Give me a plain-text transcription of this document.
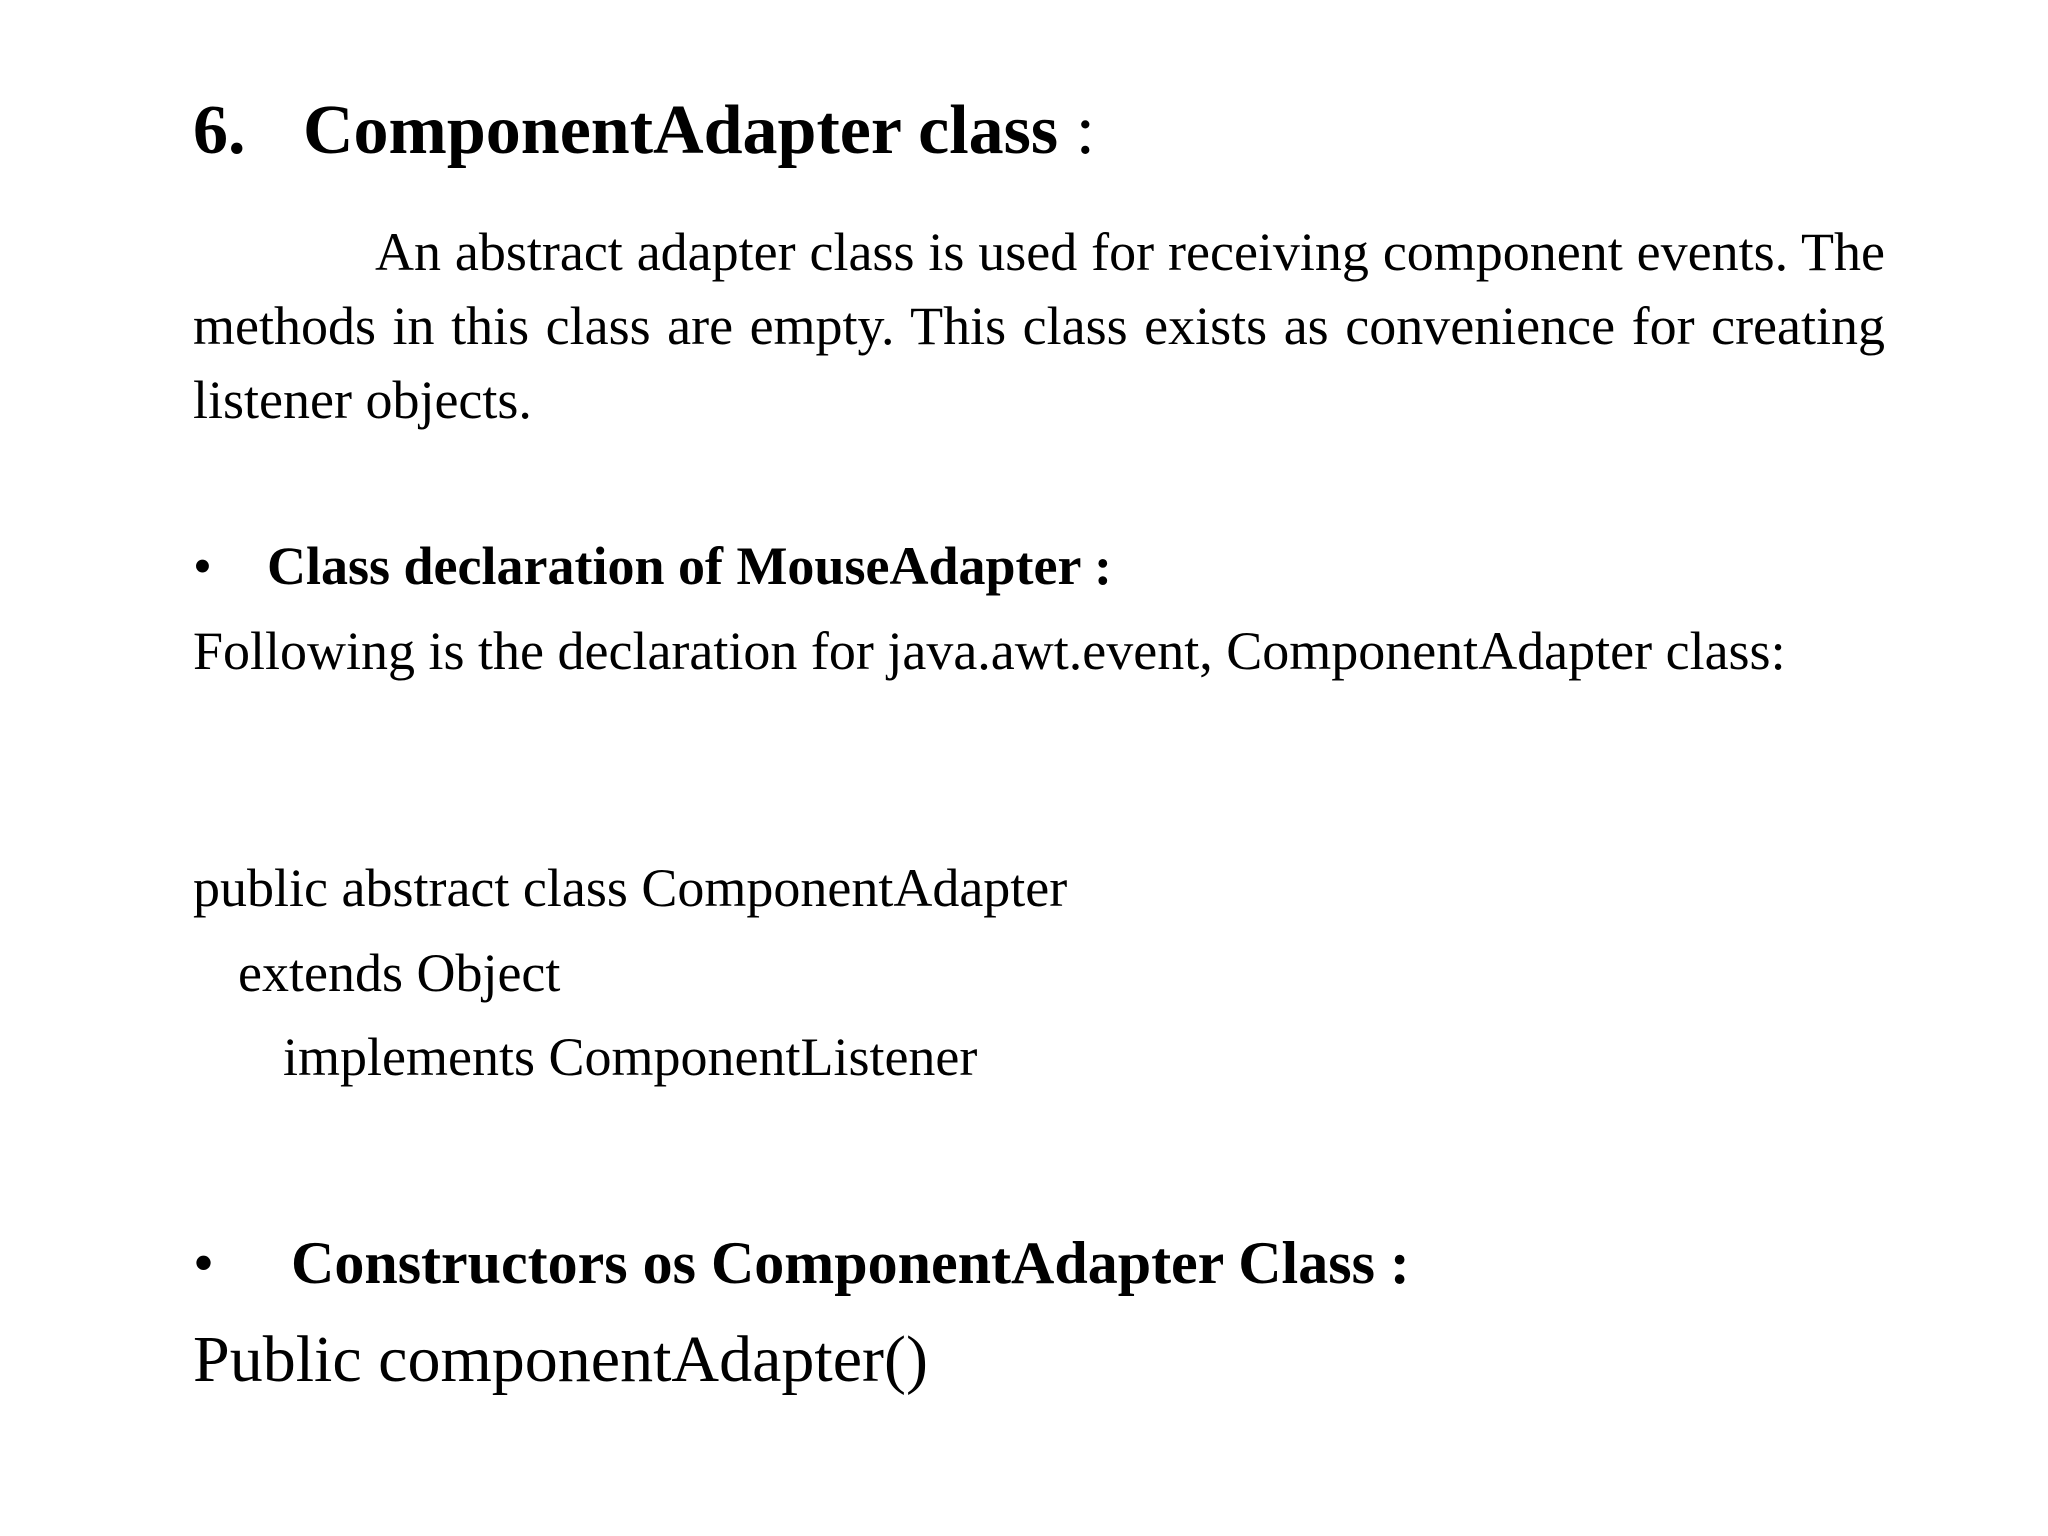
6. ComponentAdapter class :

An abstract adapter class is used for receiving component events. The methods in this class are empty. This class exists as convenience for creating listener objects.

• Class declaration of MouseAdapter :

Following is the declaration for java.awt.event, ComponentAdapter class:

public abstract class ComponentAdapter
extends Object
implements ComponentListener
• Constructors os ComponentAdapter Class :
Public componentAdapter()
